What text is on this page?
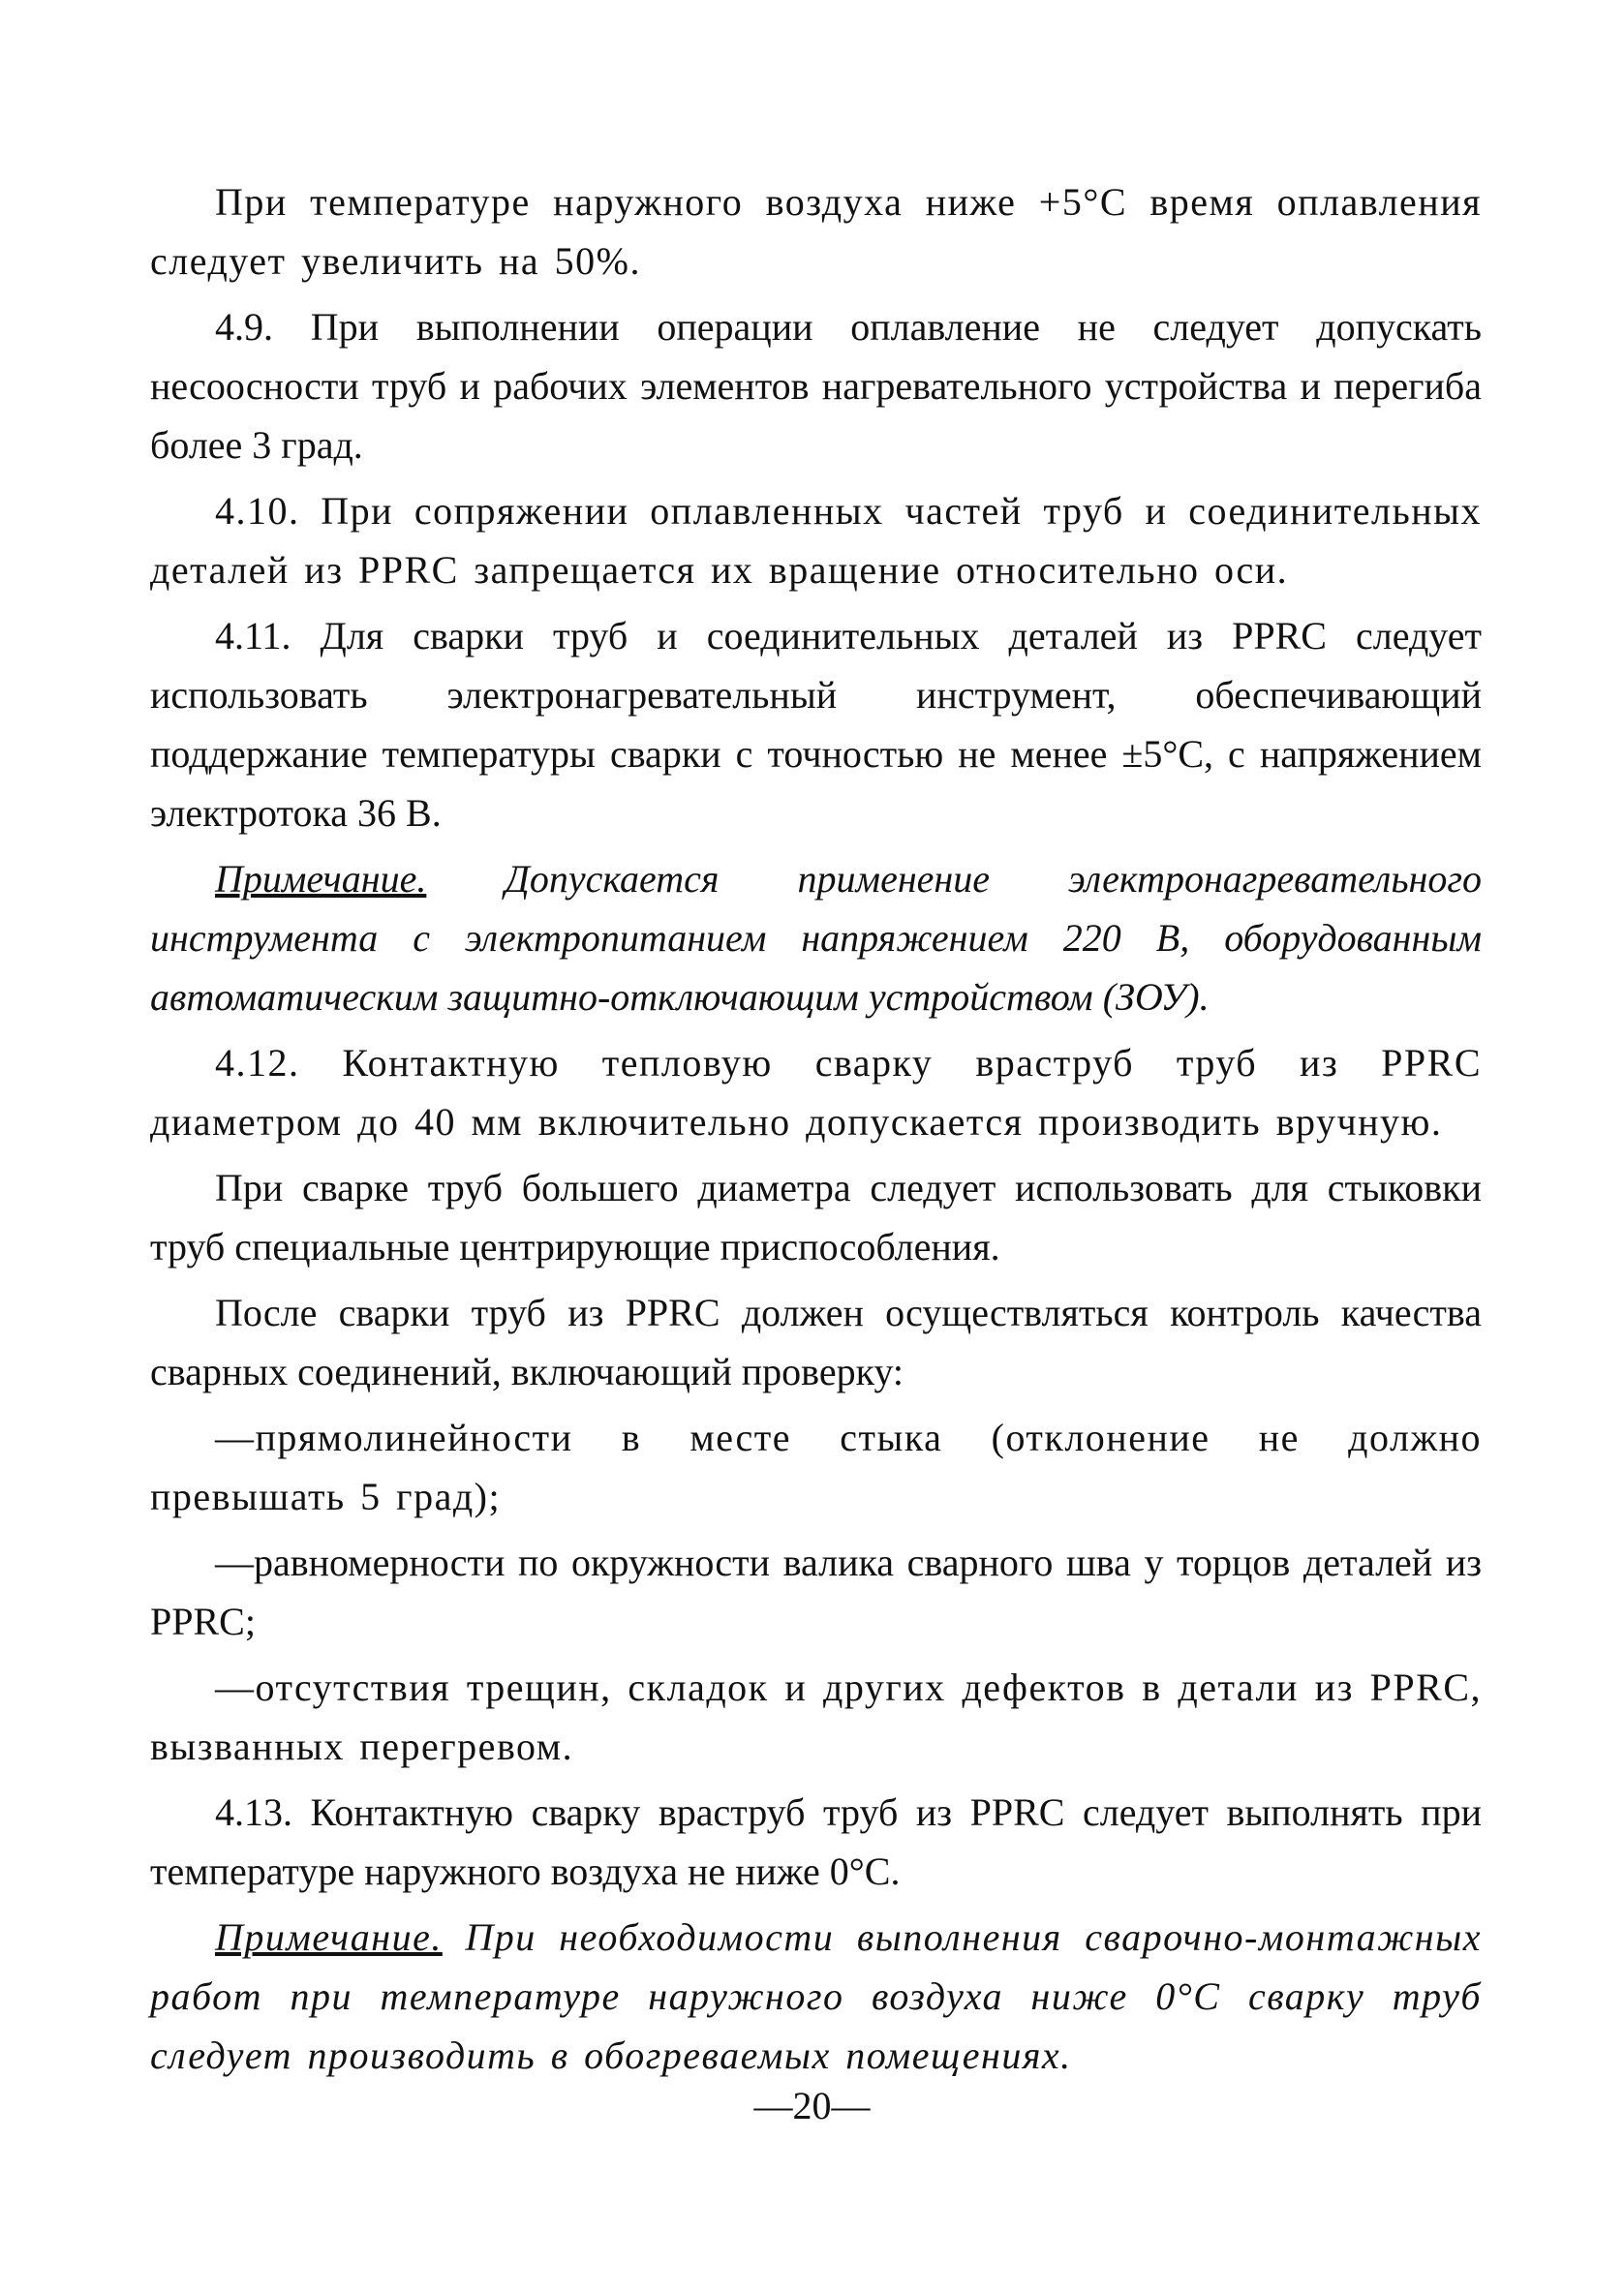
При температуре наружного воздуха ниже +5°С время оплавления следует увеличить на 50%.

4.9. При выполнении операции оплавление не следует допускать несоосности труб и рабочих элементов нагревательного устройства и перегиба более 3 град.

4.10. При сопряжении оплавленных частей труб и соединительных деталей из PPRC запрещается их вращение относительно оси.

4.11. Для сварки труб и соединительных деталей из PPRC следует использовать электронагревательный инструмент, обеспечивающий поддержание температуры сварки с точностью не менее ±5°С, с напряжением электротока 36 В.

Примечание. Допускается применение электронагревательного инструмента с электропитанием напряжением 220 В, оборудованным автоматическим защитно-отключающим устройством (ЗОУ).

4.12. Контактную тепловую сварку враструб труб из PPRC диаметром до 40 мм включительно допускается производить вручную.

При сварке труб большего диаметра следует использовать для стыковки труб специальные центрирующие приспособления.

После сварки труб из PPRC должен осуществляться контроль качества сварных соединений, включающий проверку:

—прямолинейности в месте стыка (отклонение не должно превышать 5 град);

—равномерности по окружности валика сварного шва у торцов деталей из PPRC;

—отсутствия трещин, складок и других дефектов в детали из PPRC, вызванных перегревом.

4.13. Контактную сварку враструб труб из PPRC следует выполнять при температуре наружного воздуха не ниже 0°С.

Примечание. При необходимости выполнения сварочно-монтажных работ при температуре наружного воздуха ниже 0°С сварку труб следует производить в обогреваемых помещениях.

—20—
